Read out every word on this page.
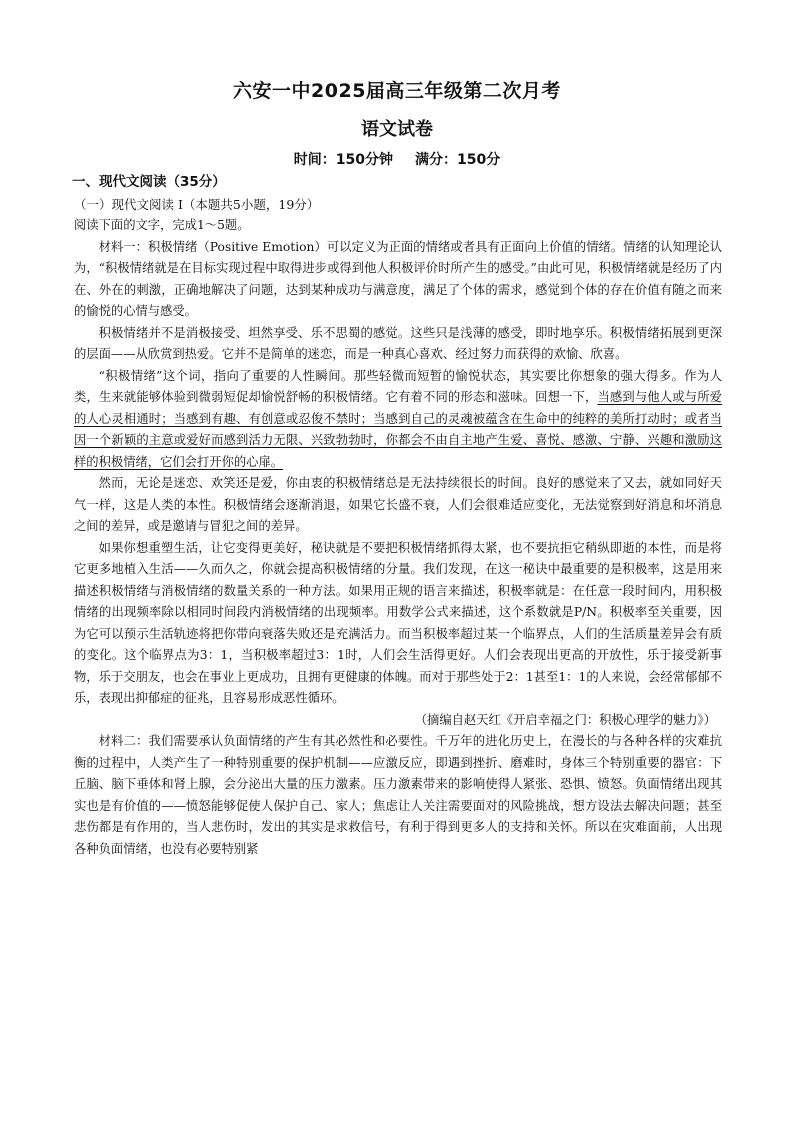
六安一中2025届高三年级第二次月考
语文试卷
时间：150分钟 满分：150分

一、现代文阅读（35分）

（一）现代文阅读 I（本题共5小题，19分）

阅读下面的文字，完成1～5题。

材料一：积极情绪（Positive Emotion）可以定义为正面的情绪或者具有正面向上价值的情绪。情绪的认知理论认为，“积极情绪就是在目标实现过程中取得进步或得到他人积极评价时所产生的感受。”由此可见，积极情绪就是经历了内在、外在的刺激，正确地解决了问题，达到某种成功与满意度，满足了个体的需求，感觉到个体的存在价值有随之而来的愉悦的心情与感受。

积极情绪并不是消极接受、坦然享受、乐不思蜀的感觉。这些只是浅薄的感受，即时地享乐。积极情绪拓展到更深的层面——从欣赏到热爱。它并不是简单的迷恋，而是一种真心喜欢、经过努力而获得的欢愉、欣喜。

“积极情绪”这个词，指向了重要的人性瞬间。那些轻微而短暂的愉悦状态，其实要比你想象的强大得多。作为人类，生来就能够体验到微弱短促却愉悦舒畅的积极情绪。它有着不同的形态和滋味。回想一下，当感到与他人或与所爱的人心灵相通时；当感到有趣、有创意或忍俊不禁时；当感到自己的灵魂被蕴含在生命中的纯粹的美所打动时；或者当因一个新颖的主意或爱好而感到活力无限、兴致勃勃时，你都会不由自主地产生爱、喜悦、感激、宁静、兴趣和激励这样的积极情绪，它们会打开你的心扉。

然而，无论是迷恋、欢笑还是爱，你由衷的积极情绪总是无法持续很长的时间。良好的感觉来了又去，就如同好天气一样，这是人类的本性。积极情绪会逐渐消退，如果它长盛不衰，人们会很难适应变化，无法觉察到好消息和坏消息之间的差异，或是邀请与冒犯之间的差异。

如果你想重塑生活，让它变得更美好，秘诀就是不要把积极情绪抓得太紧，也不要抗拒它稍纵即逝的本性，而是将它更多地植入生活——久而久之，你就会提高积极情绪的分量。我们发现，在这一秘诀中最重要的是积极率，这是用来描述积极情绪与消极情绪的数量关系的一种方法。如果用正规的语言来描述，积极率就是：在任意一段时间内，用积极情绪的出现频率除以相同时间段内消极情绪的出现频率。用数学公式来描述，这个系数就是P/N。积极率至关重要，因为它可以预示生活轨迹将把你带向衰落失败还是充满活力。而当积极率超过某一个临界点，人们的生活质量差异会有质的变化。这个临界点为3：1，当积极率超过3：1时，人们会生活得更好。人们会表现出更高的开放性，乐于接受新事物，乐于交朋友，也会在事业上更成功，且拥有更健康的体魄。而对于那些处于2：1甚至1：1的人来说，会经常郁郁不乐，表现出抑郁症的征兆，且容易形成恶性循环。

（摘编自赵天红《开启幸福之门：积极心理学的魅力》）

材料二：我们需要承认负面情绪的产生有其必然性和必要性。千万年的进化历史上，在漫长的与各种各样的灾难抗衡的过程中，人类产生了一种特别重要的保护机制——应激反应，即遇到挫折、磨难时，身体三个特别重要的器官：下丘脑、脑下垂体和肾上腺，会分泌出大量的压力激素。压力激素带来的影响使得人紧张、恐惧、愤怒。负面情绪出现其实也是有价值的——愤怒能够促使人保护自己、家人；焦虑让人关注需要面对的风险挑战，想方设法去解决问题；甚至悲伤都是有作用的，当人悲伤时，发出的其实是求救信号，有利于得到更多人的支持和关怀。所以在灾难面前，人出现各种负面情绪，也没有必要特别紧
